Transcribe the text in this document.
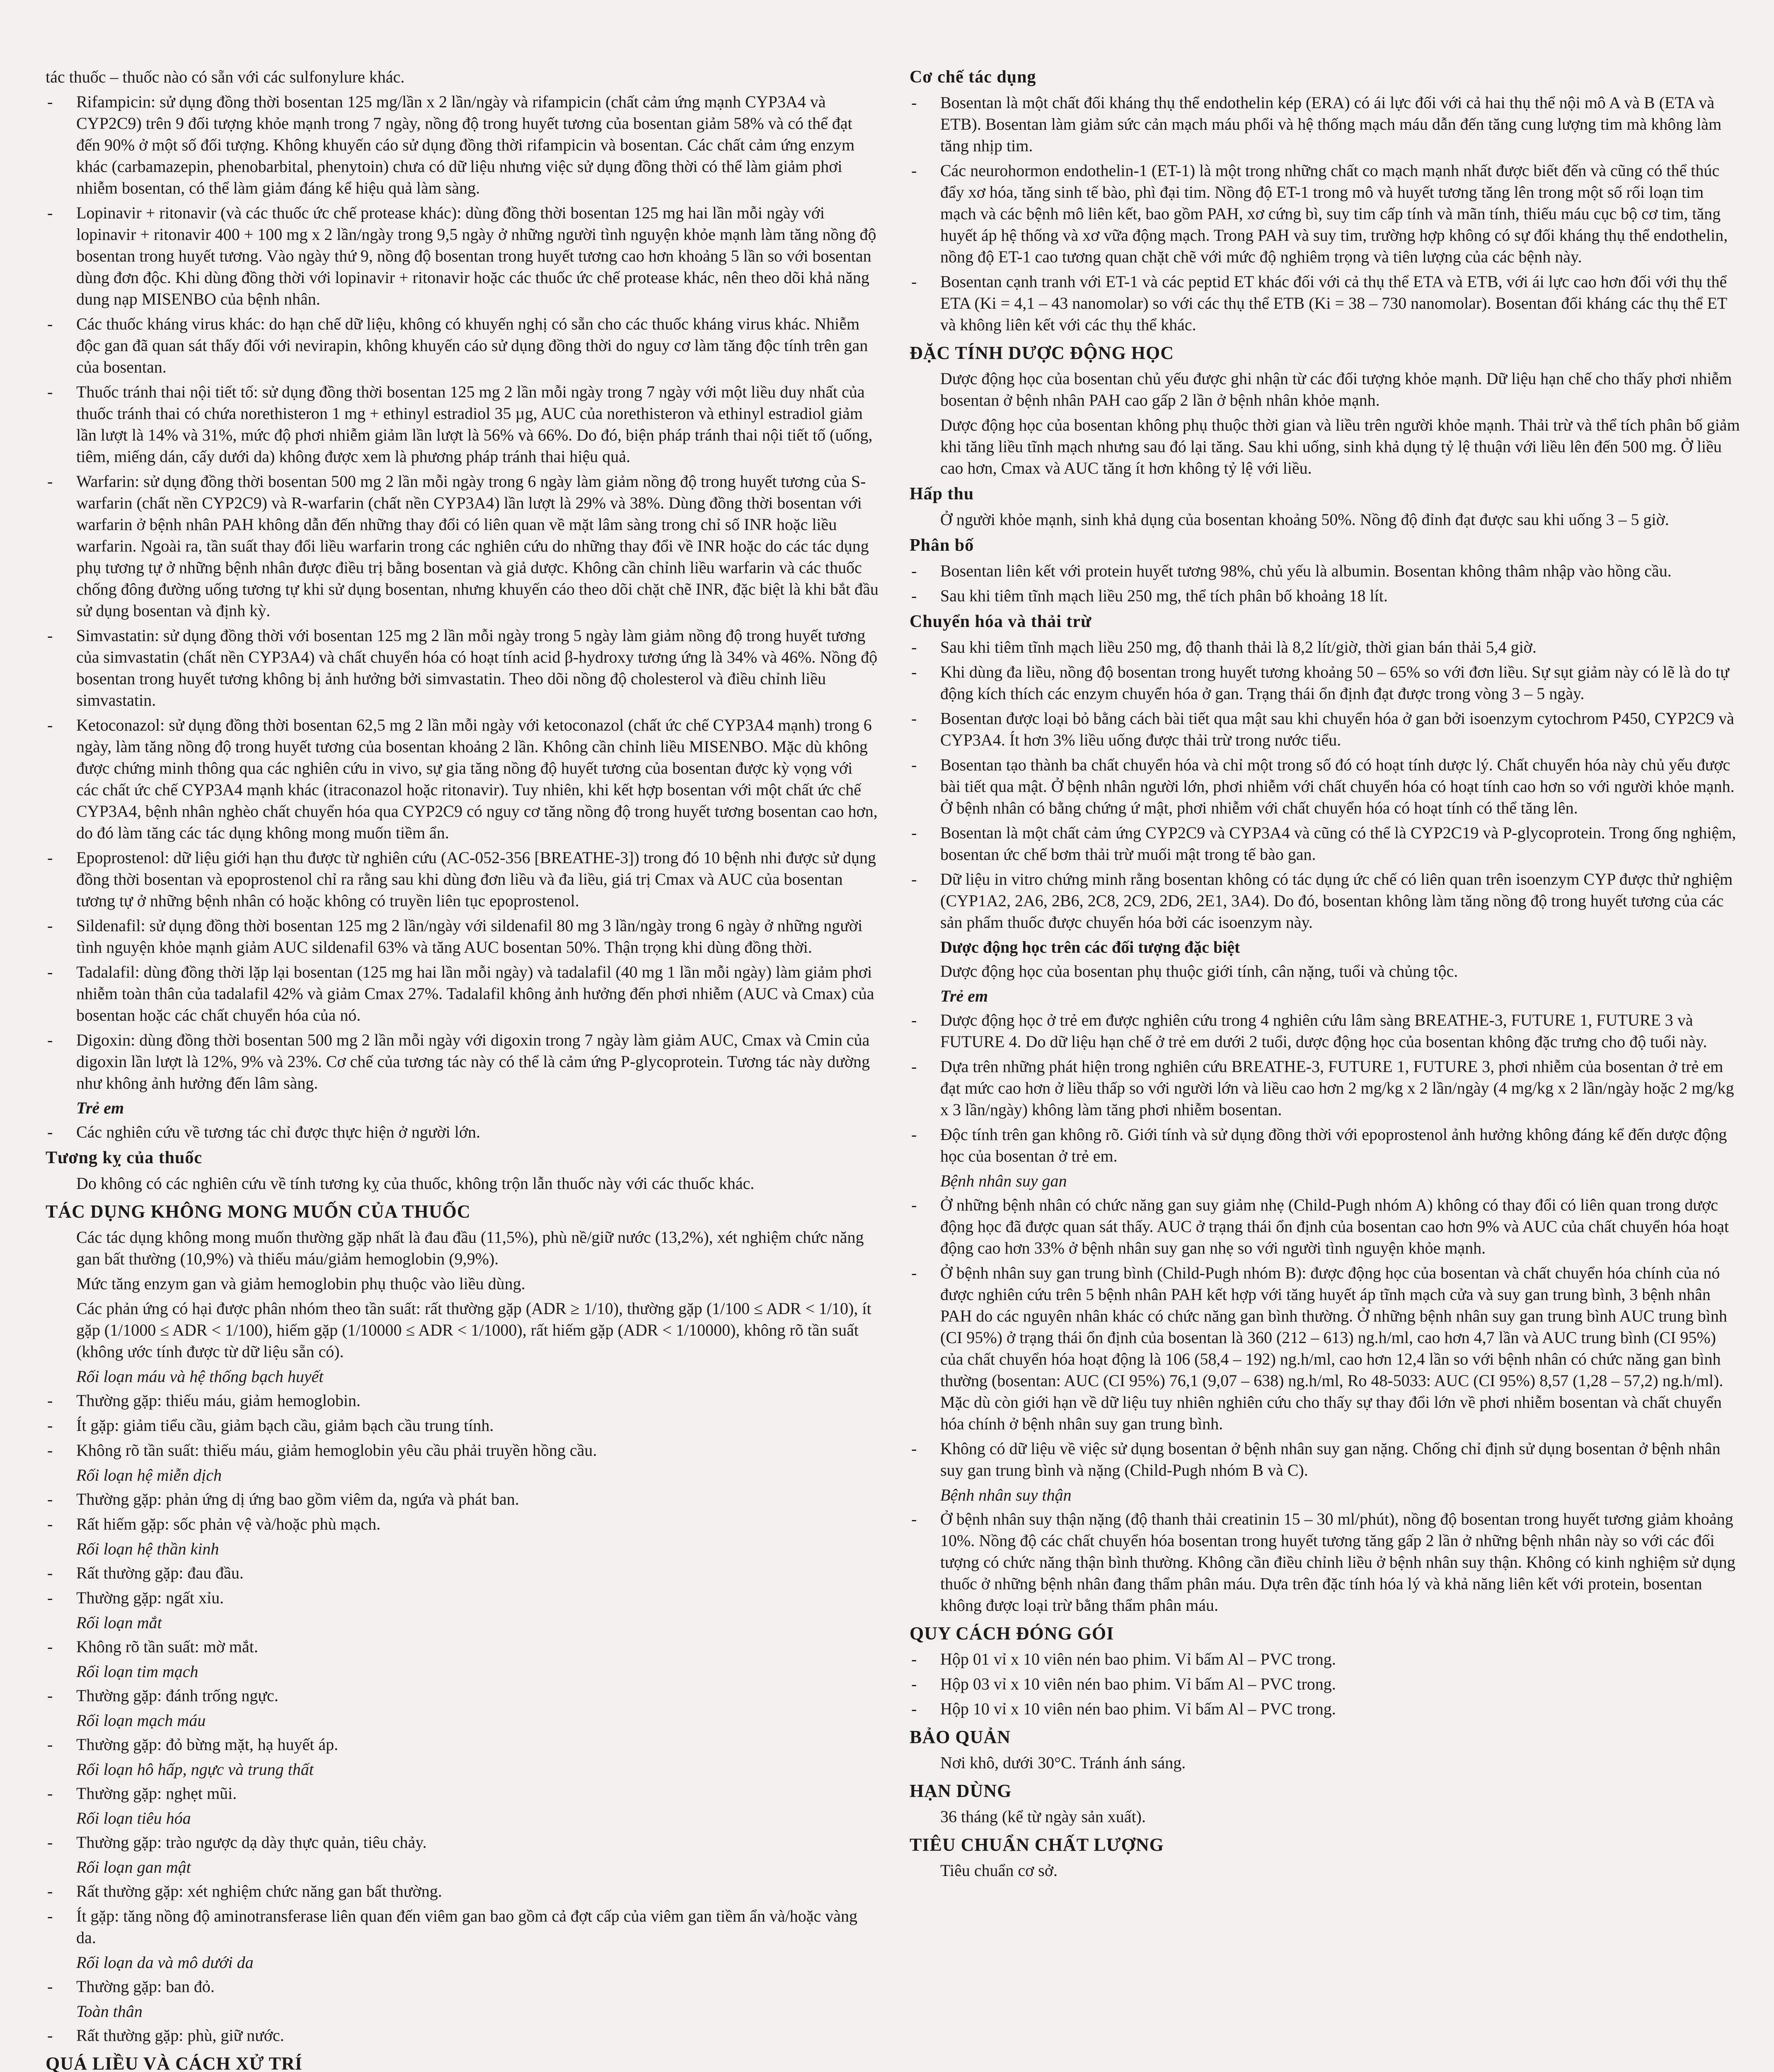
tác thuốc – thuốc nào có sẵn với các sulfonylure khác.

-	Rifampicin: sử dụng đồng thời bosentan 125 mg/lần x 2 lần/ngày và rifampicin (chất cảm ứng mạnh CYP3A4 và CYP2C9) trên 9 đối tượng khỏe mạnh trong 7 ngày, nồng độ trong huyết tương của bosentan giảm 58% và có thể đạt đến 90% ở một số đối tượng. Không khuyến cáo sử dụng đồng thời rifampicin và bosentan. Các chất cảm ứng enzym khác (carbamazepin, phenobarbital, phenytoin) chưa có dữ liệu nhưng việc sử dụng đồng thời có thể làm giảm phơi nhiễm bosentan, có thể làm giảm đáng kể hiệu quả làm sàng.
-	Lopinavir + ritonavir (và các thuốc ức chế protease khác): dùng đồng thời bosentan 125 mg hai lần mỗi ngày với lopinavir + ritonavir 400 + 100 mg x 2 lần/ngày trong 9,5 ngày ở những người tình nguyện khỏe mạnh làm tăng nồng độ bosentan trong huyết tương. Vào ngày thứ 9, nồng độ bosentan trong huyết tương cao hơn khoảng 5 lần so với bosentan dùng đơn độc. Khi dùng đồng thời với lopinavir + ritonavir hoặc các thuốc ức chế protease khác, nên theo dõi khả năng dung nạp MISENBO của bệnh nhân.
-	Các thuốc kháng virus khác: do hạn chế dữ liệu, không có khuyến nghị có sẵn cho các thuốc kháng virus khác. Nhiễm độc gan đã quan sát thấy đối với nevirapin, không khuyến cáo sử dụng đồng thời do nguy cơ làm tăng độc tính trên gan của bosentan.
-	Thuốc tránh thai nội tiết tố: sử dụng đồng thời bosentan 125 mg 2 lần mỗi ngày trong 7 ngày với một liều duy nhất của thuốc tránh thai có chứa norethisteron 1 mg + ethinyl estradiol 35 µg, AUC của norethisteron và ethinyl estradiol giảm lần lượt là 14% và 31%, mức độ phơi nhiễm giảm lần lượt là 56% và 66%. Do đó, biện pháp tránh thai nội tiết tố (uống, tiêm, miếng dán, cấy dưới da) không được xem là phương pháp tránh thai hiệu quả.
-	Warfarin: sử dụng đồng thời bosentan 500 mg 2 lần mỗi ngày trong 6 ngày làm giảm nồng độ trong huyết tương của S-warfarin (chất nền CYP2C9) và R-warfarin (chất nền CYP3A4) lần lượt là 29% và 38%. Dùng đồng thời bosentan với warfarin ở bệnh nhân PAH không dẫn đến những thay đổi có liên quan về mặt lâm sàng trong chỉ số INR hoặc liều warfarin. Ngoài ra, tần suất thay đổi liều warfarin trong các nghiên cứu do những thay đổi về INR hoặc do các tác dụng phụ tương tự ở những bệnh nhân được điều trị bằng bosentan và giả dược. Không cần chỉnh liều warfarin và các thuốc chống đông đường uống tương tự khi sử dụng bosentan, nhưng khuyến cáo theo dõi chặt chẽ INR, đặc biệt là khi bắt đầu sử dụng bosentan và định kỳ.
-	Simvastatin: sử dụng đồng thời với bosentan 125 mg 2 lần mỗi ngày trong 5 ngày làm giảm nồng độ trong huyết tương của simvastatin (chất nền CYP3A4) và chất chuyển hóa có hoạt tính acid β-hydroxy tương ứng là 34% và 46%. Nồng độ bosentan trong huyết tương không bị ảnh hưởng bởi simvastatin. Theo dõi nồng độ cholesterol và điều chỉnh liều simvastatin.
-	Ketoconazol: sử dụng đồng thời bosentan 62,5 mg 2 lần mỗi ngày với ketoconazol (chất ức chế CYP3A4 mạnh) trong 6 ngày, làm tăng nồng độ trong huyết tương của bosentan khoảng 2 lần. Không cần chỉnh liều MISENBO. Mặc dù không được chứng minh thông qua các nghiên cứu in vivo, sự gia tăng nồng độ huyết tương của bosentan được kỳ vọng với các chất ức chế CYP3A4 mạnh khác (itraconazol hoặc ritonavir). Tuy nhiên, khi kết hợp bosentan với một chất ức chế CYP3A4, bệnh nhân nghèo chất chuyển hóa qua CYP2C9 có nguy cơ tăng nồng độ trong huyết tương bosentan cao hơn, do đó làm tăng các tác dụng không mong muốn tiềm ẩn.
-	Epoprostenol: dữ liệu giới hạn thu được từ nghiên cứu (AC-052-356 [BREATHE-3]) trong đó 10 bệnh nhi được sử dụng đồng thời bosentan và epoprostenol chỉ ra rằng sau khi dùng đơn liều và đa liều, giá trị Cmax và AUC của bosentan tương tự ở những bệnh nhân có hoặc không có truyền liên tục epoprostenol.
-	Sildenafil: sử dụng đồng thời bosentan 125 mg 2 lần/ngày với sildenafil 80 mg 3 lần/ngày trong 6 ngày ở những người tình nguyện khỏe mạnh giảm AUC sildenafil 63% và tăng AUC bosentan 50%. Thận trọng khi dùng đồng thời.
-	Tadalafil: dùng đồng thời lặp lại bosentan (125 mg hai lần mỗi ngày) và tadalafil (40 mg 1 lần mỗi ngày) làm giảm phơi nhiễm toàn thân của tadalafil 42% và giảm Cmax 27%. Tadalafil không ảnh hưởng đến phơi nhiễm (AUC và Cmax) của bosentan hoặc các chất chuyển hóa của nó.
-	Digoxin: dùng đồng thời bosentan 500 mg 2 lần mỗi ngày với digoxin trong 7 ngày làm giảm AUC, Cmax và Cmin của digoxin lần lượt là 12%, 9% và 23%. Cơ chế của tương tác này có thể là cảm ứng P-glycoprotein. Tương tác này dường như không ảnh hưởng đến lâm sàng.
Trẻ em
-	Các nghiên cứu về tương tác chỉ được thực hiện ở người lớn.
Tương kỵ của thuốc

Do không có các nghiên cứu về tính tương kỵ của thuốc, không trộn lẫn thuốc này với các thuốc khác.

TÁC DỤNG KHÔNG MONG MUỐN CỦA THUỐC

Các tác dụng không mong muốn thường gặp nhất là đau đầu (11,5%), phù nề/giữ nước (13,2%), xét nghiệm chức năng gan bất thường (10,9%) và thiếu máu/giảm hemoglobin (9,9%).

Mức tăng enzym gan và giảm hemoglobin phụ thuộc vào liều dùng.

Các phản ứng có hại được phân nhóm theo tần suất: rất thường gặp (ADR ≥ 1/10), thường gặp (1/100 ≤ ADR < 1/10), ít gặp (1/1000 ≤ ADR < 1/100), hiếm gặp (1/10000 ≤ ADR < 1/1000), rất hiếm gặp (ADR < 1/10000), không rõ tần suất (không ước tính được từ dữ liệu sẵn có).

Rối loạn máu và hệ thống bạch huyết
-	Thường gặp: thiếu máu, giảm hemoglobin.
-	Ít gặp: giảm tiểu cầu, giảm bạch cầu, giảm bạch cầu trung tính.
-	Không rõ tần suất: thiếu máu, giảm hemoglobin yêu cầu phải truyền hồng cầu.
Rối loạn hệ miễn dịch
-	Thường gặp: phản ứng dị ứng bao gồm viêm da, ngứa và phát ban.
-	Rất hiếm gặp: sốc phản vệ và/hoặc phù mạch.
Rối loạn hệ thần kinh
-	Rất thường gặp: đau đầu.
-	Thường gặp: ngất xỉu.
Rối loạn mắt
-	Không rõ tần suất: mờ mắt.
Rối loạn tim mạch
-	Thường gặp: đánh trống ngực.
Rối loạn mạch máu
-	Thường gặp: đỏ bừng mặt, hạ huyết áp.
Rối loạn hô hấp, ngực và trung thất
-	Thường gặp: nghẹt mũi.
Rối loạn tiêu hóa
-	Thường gặp: trào ngược dạ dày thực quản, tiêu chảy.
Rối loạn gan mật
-	Rất thường gặp: xét nghiệm chức năng gan bất thường.
-	Ít gặp: tăng nồng độ aminotransferase liên quan đến viêm gan bao gồm cả đợt cấp của viêm gan tiềm ẩn và/hoặc vàng da.
Rối loạn da và mô dưới da
-	Thường gặp: ban đỏ.
Toàn thân
-	Rất thường gặp: phù, giữ nước.
QUÁ LIỀU VÀ CÁCH XỬ TRÍ
Cơ chế tác dụng
-	Bosentan là một chất đối kháng thụ thể endothelin kép (ERA) có ái lực đối với cả hai thụ thể nội mô A và B (ETA và ETB). Bosentan làm giảm sức cản mạch máu phổi và hệ thống mạch máu dẫn đến tăng cung lượng tim mà không làm tăng nhịp tim.
-	Các neurohormon endothelin-1 (ET-1) là một trong những chất co mạch mạnh nhất được biết đến và cũng có thể thúc đẩy xơ hóa, tăng sinh tế bào, phì đại tim. Nồng độ ET-1 trong mô và huyết tương tăng lên trong một số rối loạn tim mạch và các bệnh mô liên kết, bao gồm PAH, xơ cứng bì, suy tim cấp tính và mãn tính, thiếu máu cục bộ cơ tim, tăng huyết áp hệ thống và xơ vữa động mạch. Trong PAH và suy tim, trường hợp không có sự đối kháng thụ thể endothelin, nồng độ ET-1 cao tương quan chặt chẽ với mức độ nghiêm trọng và tiên lượng của các bệnh này.
-	Bosentan cạnh tranh với ET-1 và các peptid ET khác đối với cả thụ thể ETA và ETB, với ái lực cao hơn đối với thụ thể ETA (Ki = 4,1 – 43 nanomolar) so với các thụ thể ETB (Ki = 38 – 730 nanomolar). Bosentan đối kháng các thụ thể ET và không liên kết với các thụ thể khác.
ĐẶC TÍNH DƯỢC ĐỘNG HỌC

Dược động học của bosentan chủ yếu được ghi nhận từ các đối tượng khỏe mạnh. Dữ liệu hạn chế cho thấy phơi nhiễm bosentan ở bệnh nhân PAH cao gấp 2 lần ở bệnh nhân khỏe mạnh.

Dược động học của bosentan không phụ thuộc thời gian và liều trên người khỏe mạnh. Thải trừ và thể tích phân bố giảm khi tăng liều tĩnh mạch nhưng sau đó lại tăng. Sau khi uống, sinh khả dụng tỷ lệ thuận với liều lên đến 500 mg. Ở liều cao hơn, Cmax và AUC tăng ít hơn không tỷ lệ với liều.

Hấp thu

Ở người khỏe mạnh, sinh khả dụng của bosentan khoảng 50%. Nồng độ đỉnh đạt được sau khi uống 3 – 5 giờ.

Phân bố
-	Bosentan liên kết với protein huyết tương 98%, chủ yếu là albumin. Bosentan không thâm nhập vào hồng cầu.
-	Sau khi tiêm tĩnh mạch liều 250 mg, thể tích phân bố khoảng 18 lít.
Chuyển hóa và thải trừ
-	Sau khi tiêm tĩnh mạch liều 250 mg, độ thanh thải là 8,2 lít/giờ, thời gian bán thải 5,4 giờ.
-	Khi dùng đa liều, nồng độ bosentan trong huyết tương khoảng 50 – 65% so với đơn liều. Sự sụt giảm này có lẽ là do tự động kích thích các enzym chuyển hóa ở gan. Trạng thái ổn định đạt được trong vòng 3 – 5 ngày.
-	Bosentan được loại bỏ bằng cách bài tiết qua mật sau khi chuyển hóa ở gan bởi isoenzym cytochrom P450, CYP2C9 và CYP3A4. Ít hơn 3% liều uống được thải trừ trong nước tiểu.
-	Bosentan tạo thành ba chất chuyển hóa và chỉ một trong số đó có hoạt tính dược lý. Chất chuyển hóa này chủ yếu được bài tiết qua mật. Ở bệnh nhân người lớn, phơi nhiễm với chất chuyển hóa có hoạt tính cao hơn so với người khỏe mạnh. Ở bệnh nhân có bằng chứng ứ mật, phơi nhiễm với chất chuyển hóa có hoạt tính có thể tăng lên.
-	Bosentan là một chất cảm ứng CYP2C9 và CYP3A4 và cũng có thể là CYP2C19 và P-glycoprotein. Trong ống nghiệm, bosentan ức chế bơm thải trừ muối mật trong tế bào gan.
-	Dữ liệu in vitro chứng minh rằng bosentan không có tác dụng ức chế có liên quan trên isoenzym CYP được thử nghiệm (CYP1A2, 2A6, 2B6, 2C8, 2C9, 2D6, 2E1, 3A4). Do đó, bosentan không làm tăng nồng độ trong huyết tương của các sản phẩm thuốc được chuyển hóa bởi các isoenzym này.
Dược động học trên các đối tượng đặc biệt

Dược động học của bosentan phụ thuộc giới tính, cân nặng, tuổi và chủng tộc.

Trẻ em
-	Dược động học ở trẻ em được nghiên cứu trong 4 nghiên cứu lâm sàng BREATHE-3, FUTURE 1, FUTURE 3 và FUTURE 4. Do dữ liệu hạn chế ở trẻ em dưới 2 tuổi, dược động học của bosentan không đặc trưng cho độ tuổi này.
-	Dựa trên những phát hiện trong nghiên cứu BREATHE-3, FUTURE 1, FUTURE 3, phơi nhiễm của bosentan ở trẻ em đạt mức cao hơn ở liều thấp so với người lớn và liều cao hơn 2 mg/kg x 2 lần/ngày (4 mg/kg x 2 lần/ngày hoặc 2 mg/kg x 3 lần/ngày) không làm tăng phơi nhiễm bosentan.
-	Độc tính trên gan không rõ. Giới tính và sử dụng đồng thời với epoprostenol ảnh hưởng không đáng kể đến dược động học của bosentan ở trẻ em.
Bệnh nhân suy gan
-	Ở những bệnh nhân có chức năng gan suy giảm nhẹ (Child-Pugh nhóm A) không có thay đổi có liên quan trong dược động học đã được quan sát thấy. AUC ở trạng thái ổn định của bosentan cao hơn 9% và AUC của chất chuyển hóa hoạt động cao hơn 33% ở bệnh nhân suy gan nhẹ so với người tình nguyện khỏe mạnh.
-	Ở bệnh nhân suy gan trung bình (Child-Pugh nhóm B): được động học của bosentan và chất chuyển hóa chính của nó được nghiên cứu trên 5 bệnh nhân PAH kết hợp với tăng huyết áp tĩnh mạch cửa và suy gan trung bình, 3 bệnh nhân PAH do các nguyên nhân khác có chức năng gan bình thường. Ở những bệnh nhân suy gan trung bình AUC trung bình (CI 95%) ở trạng thái ổn định của bosentan là 360 (212 – 613) ng.h/ml, cao hơn 4,7 lần và AUC trung bình (CI 95%) của chất chuyển hóa hoạt động là 106 (58,4 – 192) ng.h/ml, cao hơn 12,4 lần so với bệnh nhân có chức năng gan bình thường (bosentan: AUC (CI 95%) 76,1 (9,07 – 638) ng.h/ml, Ro 48-5033: AUC (CI 95%) 8,57 (1,28 – 57,2) ng.h/ml). Mặc dù còn giới hạn về dữ liệu tuy nhiên nghiên cứu cho thấy sự thay đổi lớn về phơi nhiễm bosentan và chất chuyển hóa chính ở bệnh nhân suy gan trung bình.
-	Không có dữ liệu về việc sử dụng bosentan ở bệnh nhân suy gan nặng. Chống chỉ định sử dụng bosentan ở bệnh nhân suy gan trung bình và nặng (Child-Pugh nhóm B và C).
Bệnh nhân suy thận
-	Ở bệnh nhân suy thận nặng (độ thanh thải creatinin 15 – 30 ml/phút), nồng độ bosentan trong huyết tương giảm khoảng 10%. Nồng độ các chất chuyển hóa bosentan trong huyết tương tăng gấp 2 lần ở những bệnh nhân này so với các đối tượng có chức năng thận bình thường. Không cần điều chỉnh liều ở bệnh nhân suy thận. Không có kinh nghiệm sử dụng thuốc ở những bệnh nhân đang thẩm phân máu. Dựa trên đặc tính hóa lý và khả năng liên kết với protein, bosentan không được loại trừ bằng thẩm phân máu.
QUY CÁCH ĐÓNG GÓI
-	Hộp 01 vỉ x 10 viên nén bao phim. Vỉ bấm Al – PVC trong.
-	Hộp 03 vỉ x 10 viên nén bao phim. Vỉ bấm Al – PVC trong.
-	Hộp 10 vỉ x 10 viên nén bao phim. Vỉ bấm Al – PVC trong.
BẢO QUẢN

Nơi khô, dưới 30°C. Tránh ánh sáng.

HẠN DÙNG

36 tháng (kể từ ngày sản xuất).

TIÊU CHUẨN CHẤT LƯỢNG

Tiêu chuẩn cơ sở.
